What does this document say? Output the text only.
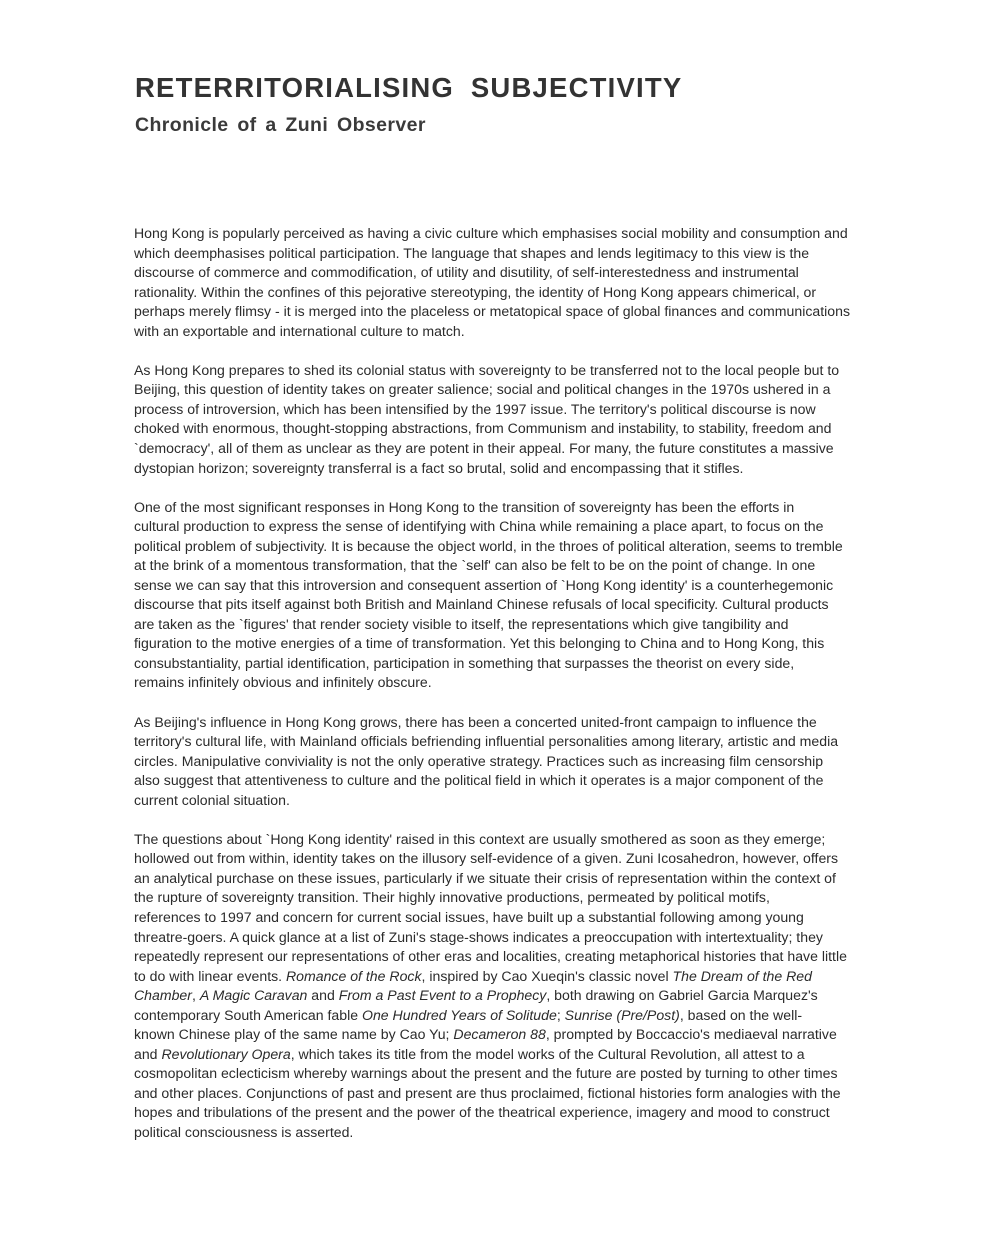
RETERRITORIALISING SUBJECTIVITY
Chronicle of a Zuni Observer

Hong Kong is popularly perceived as having a civic culture which emphasises social mobility and consumption and
which deemphasises political participation. The language that shapes and lends legitimacy to this view is the
discourse of commerce and commodification, of utility and disutility, of self-interestedness and instrumental
rationality. Within the confines of this pejorative stereotyping, the identity of Hong Kong appears chimerical, or
perhaps merely flimsy - it is merged into the placeless or metatopical space of global finances and communications
with an exportable and international culture to match.

As Hong Kong prepares to shed its colonial status with sovereignty to be transferred not to the local people but to
Beijing, this question of identity takes on greater salience; social and political changes in the 1970s ushered in a
process of introversion, which has been intensified by the 1997 issue. The territory's political discourse is now
choked with enormous, thought-stopping abstractions, from Communism and instability, to stability, freedom and
`democracy', all of them as unclear as they are potent in their appeal. For many, the future constitutes a massive
dystopian horizon; sovereignty transferral is a fact so brutal, solid and encompassing that it stifles.

One of the most significant responses in Hong Kong to the transition of sovereignty has been the efforts in
cultural production to express the sense of identifying with China while remaining a place apart, to focus on the
political problem of subjectivity. It is because the object world, in the throes of political alteration, seems to tremble
at the brink of a momentous transformation, that the `self' can also be felt to be on the point of change. In one
sense we can say that this introversion and consequent assertion of `Hong Kong identity' is a counterhegemonic
discourse that pits itself against both British and Mainland Chinese refusals of local specificity. Cultural products
are taken as the `figures' that render society visible to itself, the representations which give tangibility and
figuration to the motive energies of a time of transformation. Yet this belonging to China and to Hong Kong, this
consubstantiality, partial identification, participation in something that surpasses the theorist on every side,
remains infinitely obvious and infinitely obscure.

As Beijing's influence in Hong Kong grows, there has been a concerted united-front campaign to influence the
territory's cultural life, with Mainland officials befriending influential personalities among literary, artistic and media
circles. Manipulative conviviality is not the only operative strategy. Practices such as increasing film censorship
also suggest that attentiveness to culture and the political field in which it operates is a major component of the
current colonial situation.

The questions about `Hong Kong identity' raised in this context are usually smothered as soon as they emerge;
hollowed out from within, identity takes on the illusory self-evidence of a given. Zuni Icosahedron, however, offers
an analytical purchase on these issues, particularly if we situate their crisis of representation within the context of
the rupture of sovereignty transition. Their highly innovative productions, permeated by political motifs,
references to 1997 and concern for current social issues, have built up a substantial following among young
threatre-goers. A quick glance at a list of Zuni's stage-shows indicates a preoccupation with intertextuality; they
repeatedly represent our representations of other eras and localities, creating metaphorical histories that have little
to do with linear events. Romance of the Rock, inspired by Cao Xueqin's classic novel The Dream of the Red
Chamber, A Magic Caravan and From a Past Event to a Prophecy, both drawing on Gabriel Garcia Marquez's
contemporary South American fable One Hundred Years of Solitude; Sunrise (Pre/Post), based on the well-
known Chinese play of the same name by Cao Yu; Decameron 88, prompted by Boccaccio's mediaeval narrative
and Revolutionary Opera, which takes its title from the model works of the Cultural Revolution, all attest to a
cosmopolitan eclecticism whereby warnings about the present and the future are posted by turning to other times
and other places. Conjunctions of past and present are thus proclaimed, fictional histories form analogies with the
hopes and tribulations of the present and the power of the theatrical experience, imagery and mood to construct
political consciousness is asserted.
